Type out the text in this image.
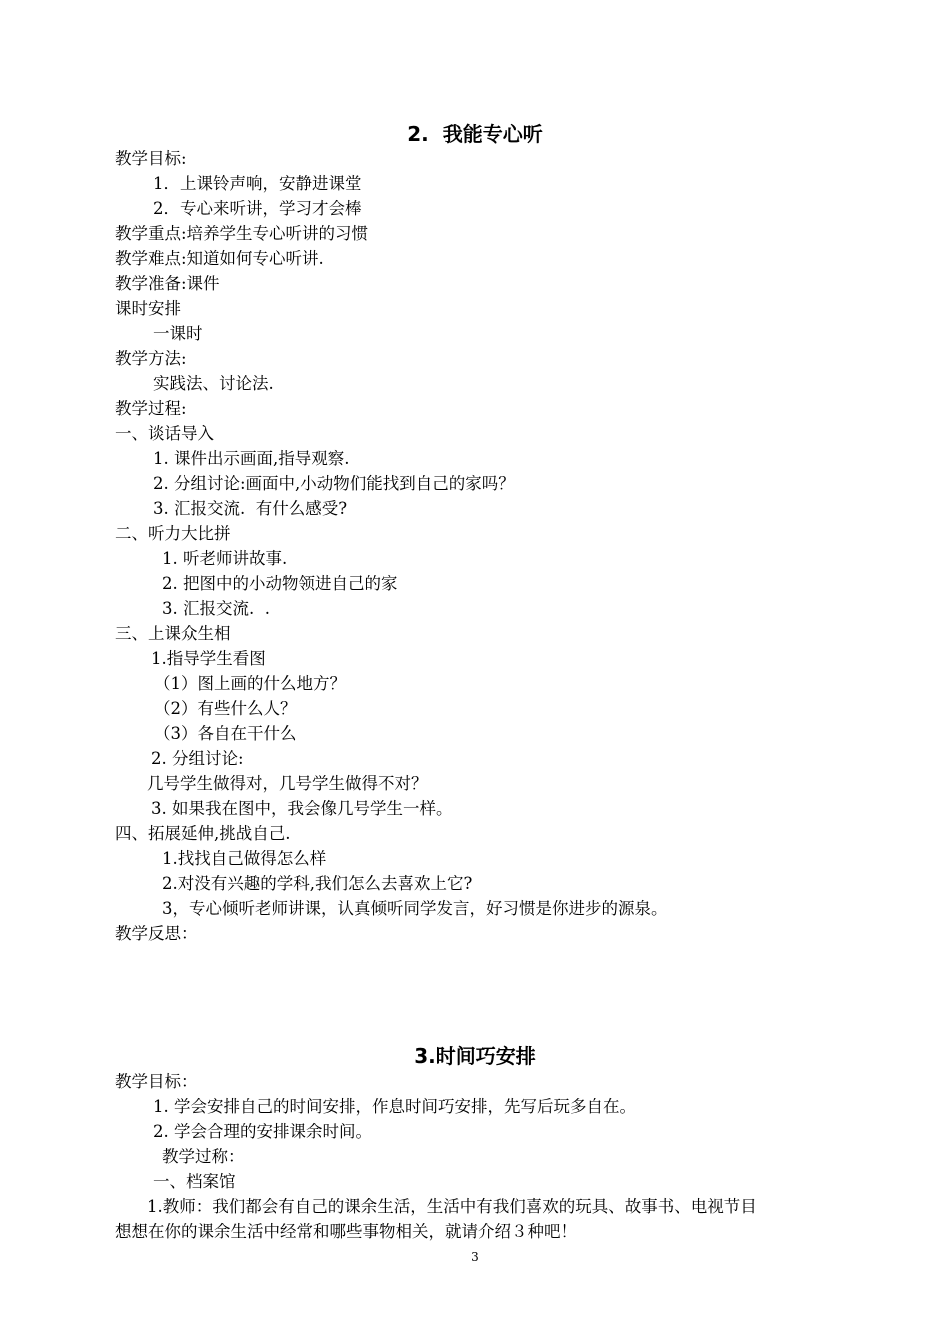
2.  我能专心听
教学目标:
1．上课铃声响，安静进课堂
2．专心来听讲，学习才会棒
教学重点:培养学生专心听讲的习惯
教学难点:知道如何专心听讲.
教学准备:课件
课时安排
一课时
教学方法:
实践法、讨论法.
教学过程:
一、谈话导入
1. 课件出示画面,指导观察.
2. 分组讨论:画面中,小动物们能找到自己的家吗？
3. 汇报交流.  有什么感受?
二、听力大比拼
1. 听老师讲故事.
2. 把图中的小动物领进自己的家
3. 汇报交流.  .
三、上课众生相
1.指导学生看图
（1）图上画的什么地方？
（2）有些什么人？
（3）各自在干什么
2. 分组讨论:
几号学生做得对，几号学生做得不对？
3. 如果我在图中，我会像几号学生一样。
四、拓展延伸,挑战自己.
1.找找自己做得怎么样
2.对没有兴趣的学科,我们怎么去喜欢上它?
3，专心倾听老师讲课，认真倾听同学发言，好习惯是你进步的源泉。
教学反思：
3.时间巧安排
教学目标：
1. 学会安排自己的时间安排，作息时间巧安排，先写后玩多自在。
2. 学会合理的安排课余时间。
教学过称：
一、档案馆
1.教师：我们都会有自己的课余生活，生活中有我们喜欢的玩具、故事书、电视节目
想想在你的课余生活中经常和哪些事物相关，就请介绍３种吧！
3
